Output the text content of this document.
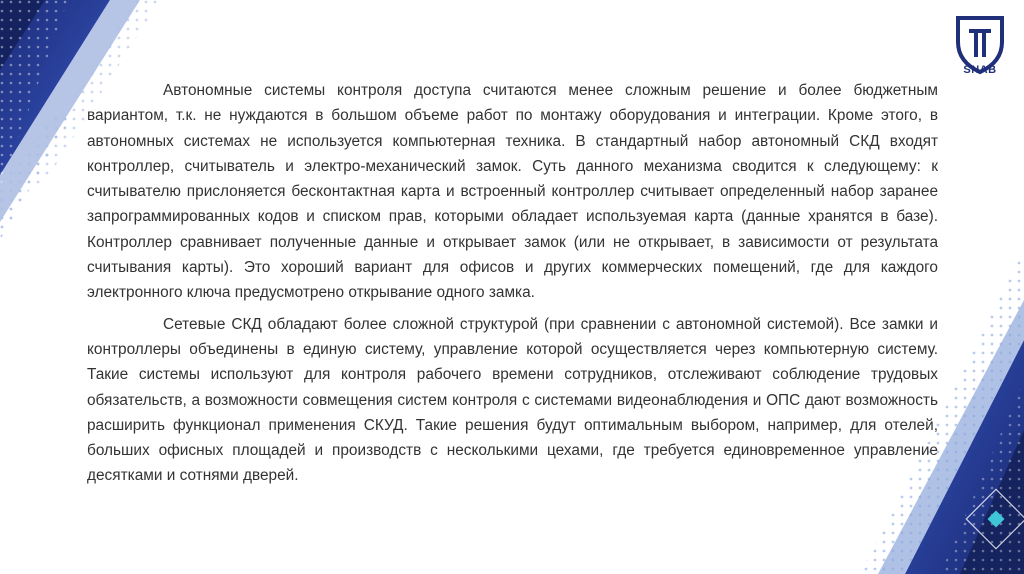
SNAB

Автономные системы контроля доступа считаются менее сложным решение и более бюджетным вариантом, т.к. не нуждаются в большом объеме работ по монтажу оборудования и интеграции. Кроме этого, в автономных системах не используется компьютерная техника. В стандартный набор автономный СКД входят контроллер, считыватель и электро-механический замок. Суть данного механизма сводится к следующему: к считывателю прислоняется бесконтактная карта и встроенный контроллер считывает определенный набор заранее запрограммированных кодов и списком прав, которыми обладает используемая карта (данные хранятся в базе). Контроллер сравнивает полученные данные и открывает замок (или не открывает, в зависимости от результата считывания карты). Это хороший вариант для офисов и других коммерческих помещений, где для каждого электронного ключа предусмотрено открывание одного замка.

Сетевые СКД обладают более сложной структурой (при сравнении с автономной системой). Все замки и контроллеры объединены в единую систему, управление которой осуществляется через компьютерную систему. Такие системы используют для контроля рабочего времени сотрудников, отслеживают соблюдение трудовых обязательств, а возможности совмещения систем контроля с системами видеонаблюдения и ОПС дают возможность расширить функционал применения СКУД. Такие решения будут оптимальным выбором, например, для отелей, больших офисных площадей и производств с несколькими цехами, где требуется единовременное управление десятками и сотнями дверей.
